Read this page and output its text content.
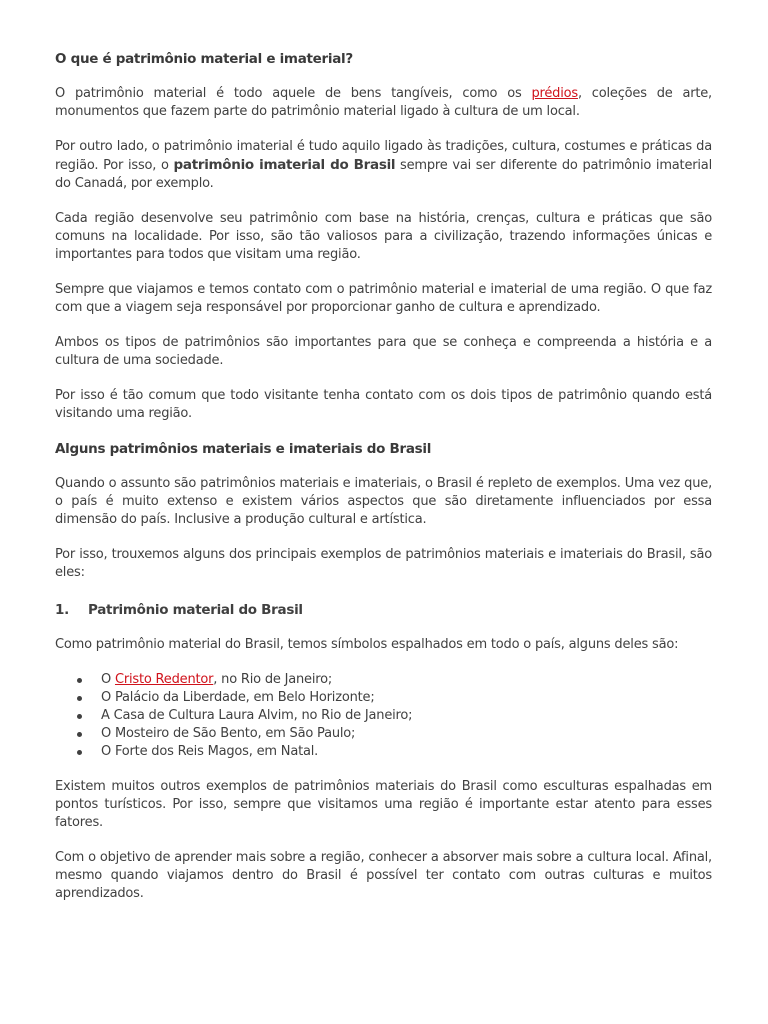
O que é patrimônio material e imaterial?

O patrimônio material é todo aquele de bens tangíveis, como os prédios, coleções de arte, monumentos que fazem parte do patrimônio material ligado à cultura de um local.

Por outro lado, o patrimônio imaterial é tudo aquilo ligado às tradições, cultura, costumes e práticas da região. Por isso, o patrimônio imaterial do Brasil sempre vai ser diferente do patrimônio imaterial do Canadá, por exemplo.

Cada região desenvolve seu patrimônio com base na história, crenças, cultura e práticas que são comuns na localidade. Por isso, são tão valiosos para a civilização, trazendo informações únicas e importantes para todos que visitam uma região.

Sempre que viajamos e temos contato com o patrimônio material e imaterial de uma região. O que faz com que a viagem seja responsável por proporcionar ganho de cultura e aprendizado.

Ambos os tipos de patrimônios são importantes para que se conheça e compreenda a história e a cultura de uma sociedade.

Por isso é tão comum que todo visitante tenha contato com os dois tipos de patrimônio quando está visitando uma região.

Alguns patrimônios materiais e imateriais do Brasil

Quando o assunto são patrimônios materiais e imateriais, o Brasil é repleto de exemplos. Uma vez que, o país é muito extenso e existem vários aspectos que são diretamente influenciados por essa dimensão do país. Inclusive a produção cultural e artística.

Por isso, trouxemos alguns dos principais exemplos de patrimônios materiais e imateriais do Brasil, são eles:

1.	Patrimônio material do Brasil

Como patrimônio material do Brasil, temos símbolos espalhados em todo o país, alguns deles são:

O Cristo Redentor, no Rio de Janeiro;
O Palácio da Liberdade, em Belo Horizonte;
A Casa de Cultura Laura Alvim, no Rio de Janeiro;
O Mosteiro de São Bento, em São Paulo;
O Forte dos Reis Magos, em Natal.

Existem muitos outros exemplos de patrimônios materiais do Brasil como esculturas espalhadas em pontos turísticos. Por isso, sempre que visitamos uma região é importante estar atento para esses fatores.

Com o objetivo de aprender mais sobre a região, conhecer a absorver mais sobre a cultura local. Afinal, mesmo quando viajamos dentro do Brasil é possível ter contato com outras culturas e muitos aprendizados.
